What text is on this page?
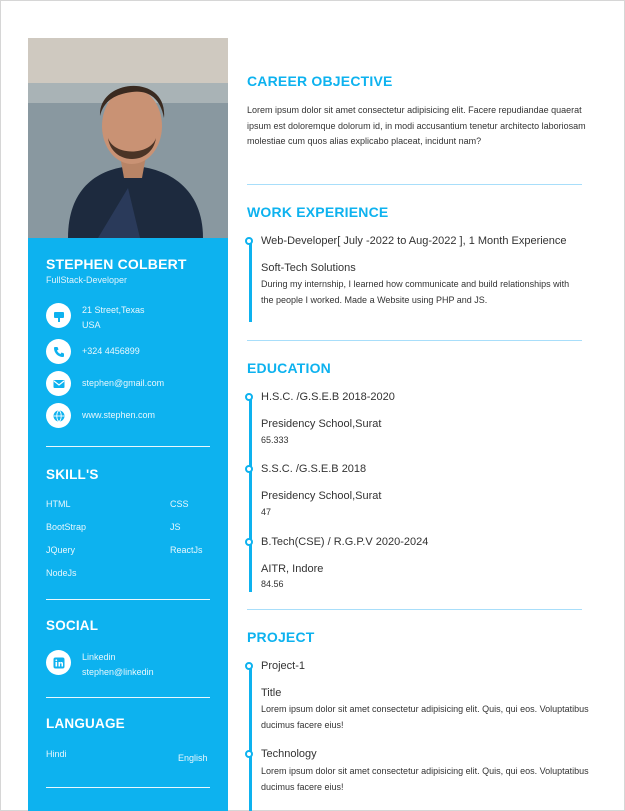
STEPHEN COLBERT
FullStack-Developer
21 Street,Texas
USA
+324 4456899
stephen@gmail.com
www.stephen.com
SKILL'S
HTML	CSS
BootStrap	JS
JQuery	ReactJs
NodeJs
SOCIAL
Linkedin
stephen@linkedin
LANGUAGE
Hindi	English
CAREER OBJECTIVE
Lorem ipsum dolor sit amet consectetur adipisicing elit. Facere repudiandae quaerat ipsum est doloremque dolorum id, in modi accusantium tenetur architecto laboriosam molestiae cum quos alias explicabo placeat, incidunt nam?
WORK EXPERIENCE
Web-Developer[ July -2022 to Aug-2022 ], 1 Month Experience
Soft-Tech Solutions
During my internship, I learned how communicate and build relationships with the people I worked. Made a Website using PHP and JS.
EDUCATION
H.S.C. /G.S.E.B 2018-2020
Presidency School,Surat
65.333
S.S.C. /G.S.E.B 2018
Presidency School,Surat
47
B.Tech(CSE) / R.G.P.V 2020-2024
AITR, Indore
84.56
PROJECT
Project-1
Title
Lorem ipsum dolor sit amet consectetur adipisicing elit. Quis, qui eos. Voluptatibus ducimus facere eius!
Technology
Lorem ipsum dolor sit amet consectetur adipisicing elit. Quis, qui eos. Voluptatibus ducimus facere eius!
